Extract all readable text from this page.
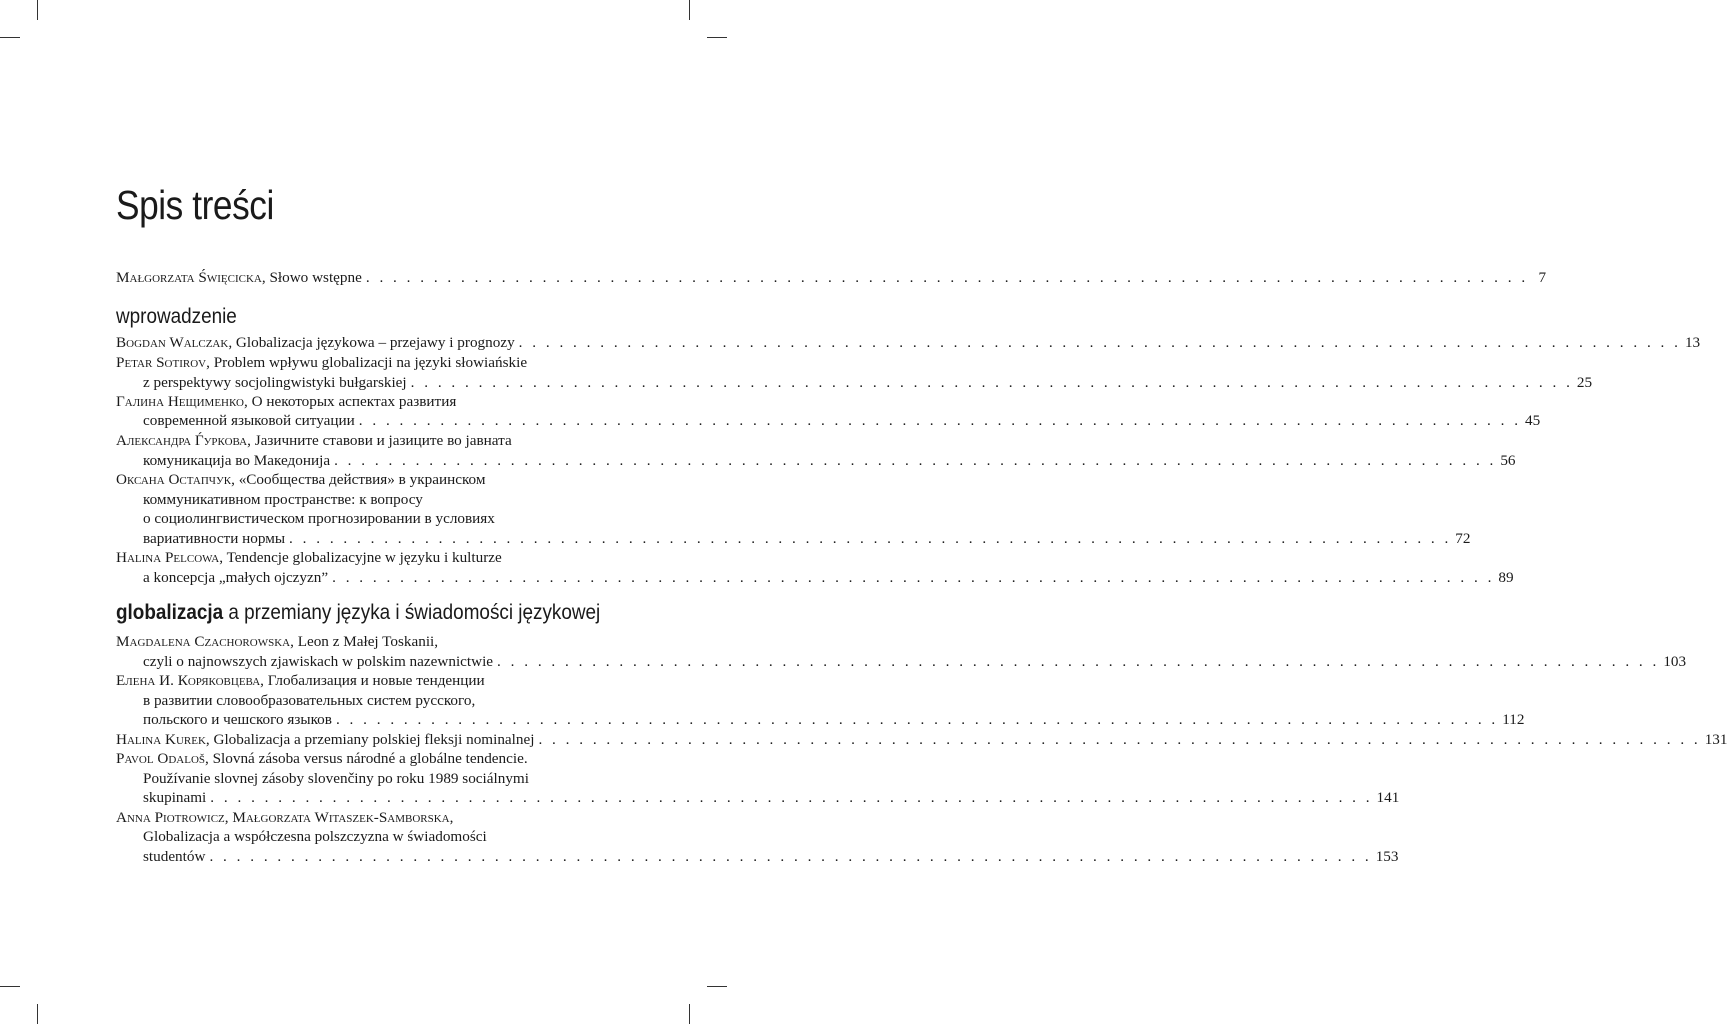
Spis treści
Małgorzata Święcicka, Słowo wstępne . . . . . . . . . . . . . . . . . . . . . . . . . . . . . . . . . . . . . . . . . . . . . . . . . . . . . . . . . . . . . . . . . . . . . . . . . . . . . . . . . . . . . . 7
wprowadzenie
Bogdan Walczak, Globalizacja językowa – przejawy i prognozy . . . . . . . . . . . . . . . . . . . . . . . . . . . . . . . . . . . . . . . . . . . . . . . . . . . . . . . . . . . . . . . . . . . . . . . . . . . . . . . . . . . . . . 13
Petar Sotirov, Problem wpływu globalizacji na języki słowiańskie
z perspektywy socjolingwistyki bułgarskiej . . . . . . . . . . . . . . . . . . . . . . . . . . . . . . . . . . . . . . . . . . . . . . . . . . . . . . . . . . . . . . . . . . . . . . . . . . . . . . . . . . . . . . 25
Галина Нещименко, О некоторых аспектах развития
современной языковой ситуации . . . . . . . . . . . . . . . . . . . . . . . . . . . . . . . . . . . . . . . . . . . . . . . . . . . . . . . . . . . . . . . . . . . . . . . . . . . . . . . . . . . . . . 45
Александра Ѓуркова, Јазичните ставови и јазиците во јавната
комуникација во Македонија . . . . . . . . . . . . . . . . . . . . . . . . . . . . . . . . . . . . . . . . . . . . . . . . . . . . . . . . . . . . . . . . . . . . . . . . . . . . . . . . . . . . . . 56
Оксана Остапчук, «Сообщества действия» в украинском
коммуникативном пространстве: к вопросу
о социолингвистическом прогнозировании в условиях
вариативности нормы . . . . . . . . . . . . . . . . . . . . . . . . . . . . . . . . . . . . . . . . . . . . . . . . . . . . . . . . . . . . . . . . . . . . . . . . . . . . . . . . . . . . . . 72
Halina Pelcowa, Tendencje globalizacyjne w języku i kulturze
a koncepcja „małych ojczyzn” . . . . . . . . . . . . . . . . . . . . . . . . . . . . . . . . . . . . . . . . . . . . . . . . . . . . . . . . . . . . . . . . . . . . . . . . . . . . . . . . . . . . . . 89
globalizacja a przemiany języka i świadomości językowej
Magdalena Czachorowska, Leon z Małej Toskanii,
czyli o najnowszych zjawiskach w polskim nazewnictwie . . . . . . . . . . . . . . . . . . . . . . . . . . . . . . . . . . . . . . . . . . . . . . . . . . . . . . . . . . . . . . . . . . . . . . . . . . . . . . . . . . . . . . 103
Елена И. Коряковцева, Глобализация и новые тенденции
в развитии словообразовательных систем русского,
польского и чешского языков . . . . . . . . . . . . . . . . . . . . . . . . . . . . . . . . . . . . . . . . . . . . . . . . . . . . . . . . . . . . . . . . . . . . . . . . . . . . . . . . . . . . . . 112
Halina Kurek, Globalizacja a przemiany polskiej fleksji nominalnej . . . . . . . . . . . . . . . . . . . . . . . . . . . . . . . . . . . . . . . . . . . . . . . . . . . . . . . . . . . . . . . . . . . . . . . . . . . . . . . . . . . . . . 131
Pavol Odaloš, Slovná zásoba versus národné a globálne tendencie.
Používanie slovnej zásoby slovenčiny po roku 1989 sociálnymi
skupinami . . . . . . . . . . . . . . . . . . . . . . . . . . . . . . . . . . . . . . . . . . . . . . . . . . . . . . . . . . . . . . . . . . . . . . . . . . . . . . . . . . . . . . 141
Anna Piotrowicz, Małgorzata Witaszek-Samborska,
Globalizacja a współczesna polszczyzna w świadomości
studentów . . . . . . . . . . . . . . . . . . . . . . . . . . . . . . . . . . . . . . . . . . . . . . . . . . . . . . . . . . . . . . . . . . . . . . . . . . . . . . . . . . . . . . 153
